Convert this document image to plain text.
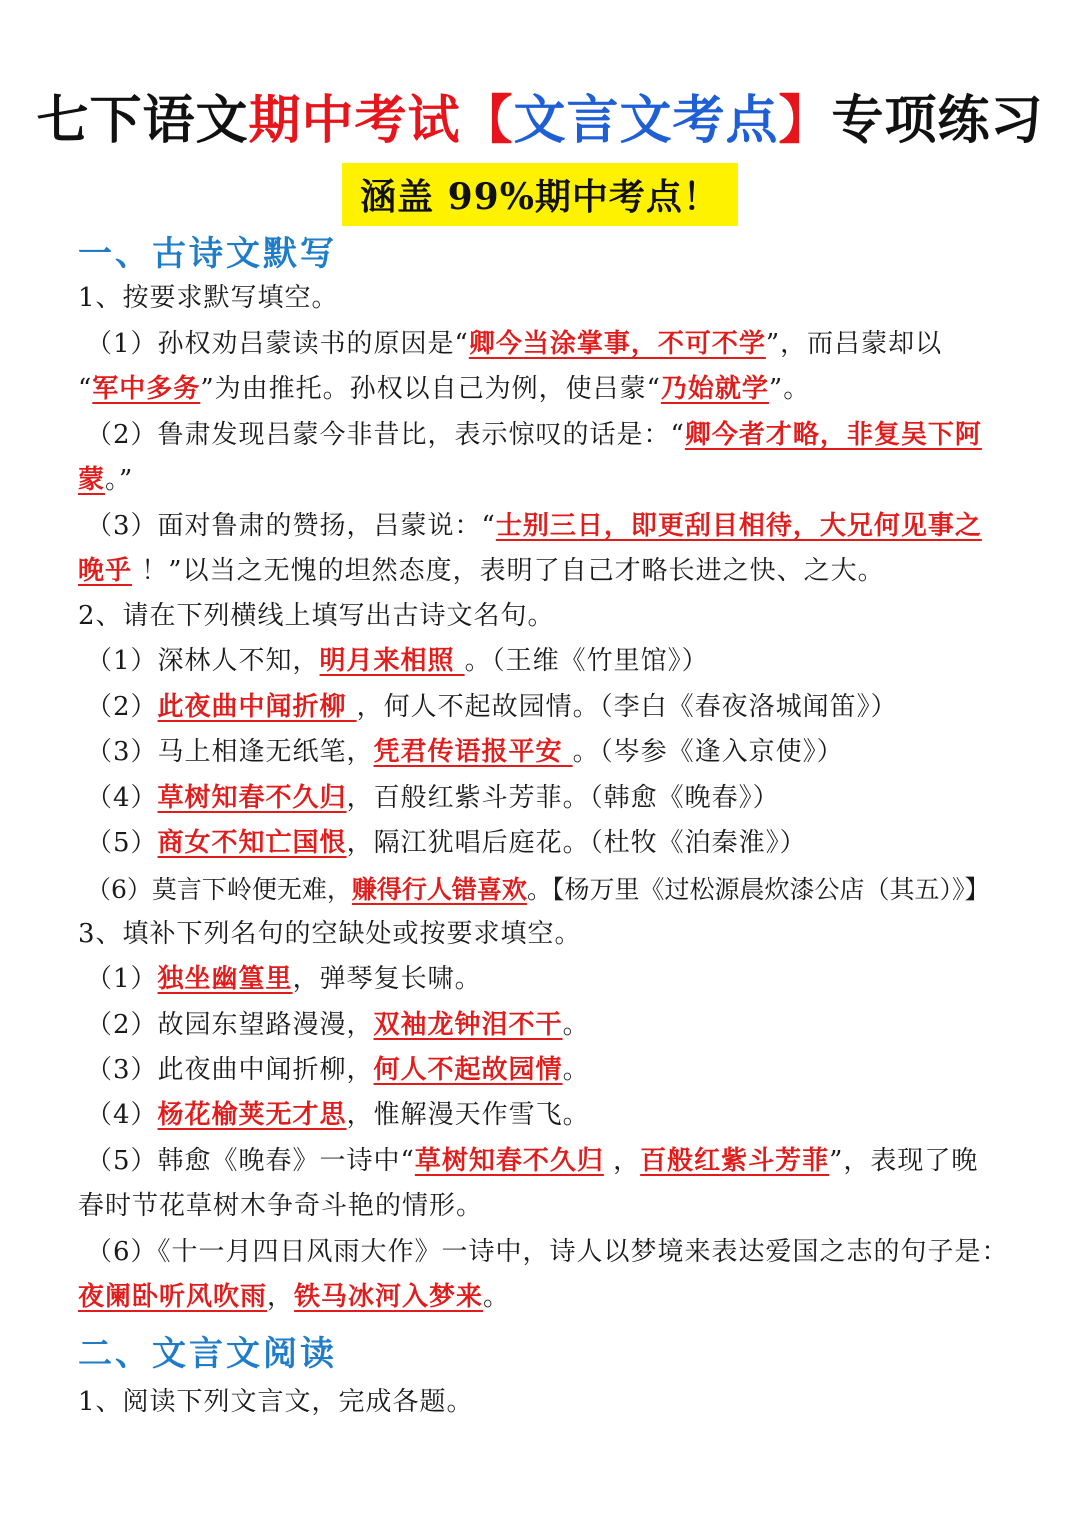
七下语文期中考试【文言文考点】专项练习
涵盖 99%期中考点！
一、古诗文默写
1、按要求默写填空。
（1）孙权劝吕蒙读书的原因是“卿今当涂掌事，不可不学”，而吕蒙却以
“军中多务”为由推托。孙权以自己为例，使吕蒙“乃始就学”。
（2）鲁肃发现吕蒙今非昔比，表示惊叹的话是：“卿今者才略，非复吴下阿
蒙。”
（3）面对鲁肃的赞扬，吕蒙说：“士别三日，即更刮目相待，大兄何见事之
晚乎 ！”以当之无愧的坦然态度，表明了自己才略长进之快、之大。
2、请在下列横线上填写出古诗文名句。
（1）深林人不知，明月来相照 。（王维《竹里馆》）
（2）此夜曲中闻折柳 ，何人不起故园情。（李白《春夜洛城闻笛》）
（3）马上相逢无纸笔，凭君传语报平安 。（岑参《逢入京使》）
（4）草树知春不久归，百般红紫斗芳菲。（韩愈《晚春》）
（5）商女不知亡国恨，隔江犹唱后庭花。（杜牧《泊秦淮》）
（6）莫言下岭便无难，赚得行人错喜欢。【杨万里《过松源晨炊漆公店（其五）》】
3、填补下列名句的空缺处或按要求填空。
（1）独坐幽篁里，弹琴复长啸。
（2）故园东望路漫漫，双袖龙钟泪不干。
（3）此夜曲中闻折柳，何人不起故园情。
（4）杨花榆荚无才思，惟解漫天作雪飞。
（5）韩愈《晚春》一诗中“草树知春不久归 ，百般红紫斗芳菲”，表现了晚
春时节花草树木争奇斗艳的情形。
（6）《十一月四日风雨大作》一诗中，诗人以梦境来表达爱国之志的句子是：
夜阑卧听风吹雨，铁马冰河入梦来。
二、文言文阅读
1、阅读下列文言文，完成各题。
